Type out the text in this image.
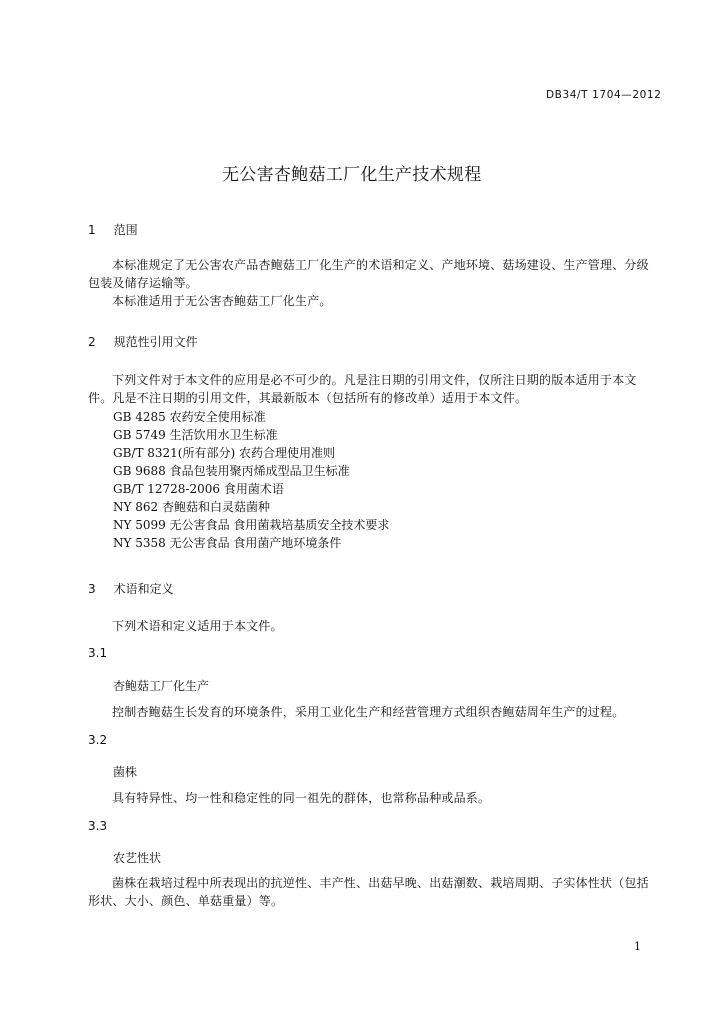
DB34/T 1704—2012
无公害杏鲍菇工厂化生产技术规程
1 范围
本标准规定了无公害农产品杏鲍菇工厂化生产的术语和定义、产地环境、菇场建设、生产管理、分级包装及储存运输等。
本标准适用于无公害杏鲍菇工厂化生产。
2 规范性引用文件
下列文件对于本文件的应用是必不可少的。凡是注日期的引用文件，仅所注日期的版本适用于本文件。凡是不注日期的引用文件，其最新版本（包括所有的修改单）适用于本文件。
GB 4285 农药安全使用标准
GB 5749 生活饮用水卫生标准
GB/T 8321(所有部分) 农药合理使用准则
GB 9688 食品包装用聚丙烯成型品卫生标准
GB/T 12728-2006 食用菌术语
NY 862 杏鲍菇和白灵菇菌种
NY 5099 无公害食品 食用菌栽培基质安全技术要求
NY 5358 无公害食品 食用菌产地环境条件
3 术语和定义
下列术语和定义适用于本文件。
3.1
杏鲍菇工厂化生产
控制杏鲍菇生长发育的环境条件，采用工业化生产和经营管理方式组织杏鲍菇周年生产的过程。
3.2
菌株
具有特异性、均一性和稳定性的同一祖先的群体，也常称品种或品系。
3.3
农艺性状
菌株在栽培过程中所表现出的抗逆性、丰产性、出菇早晚、出菇潮数、栽培周期、子实体性状（包括形状、大小、颜色、单菇重量）等。
1
